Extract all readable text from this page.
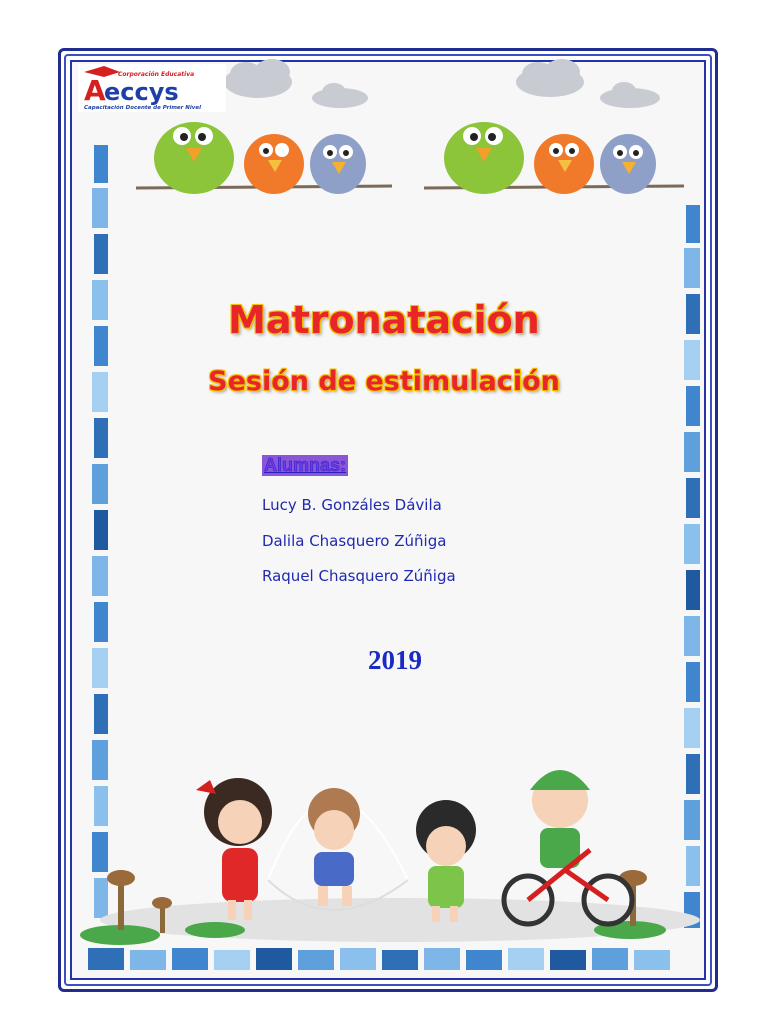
Corporación Educativa
A
eccys
Capacitación Docente de Primer Nivel
Matronatación
Sesión de estimulación
Alumnas:
Lucy B. Gonzáles Dávila
Dalila Chasquero Zúñiga
Raquel Chasquero Zúñiga
2019
